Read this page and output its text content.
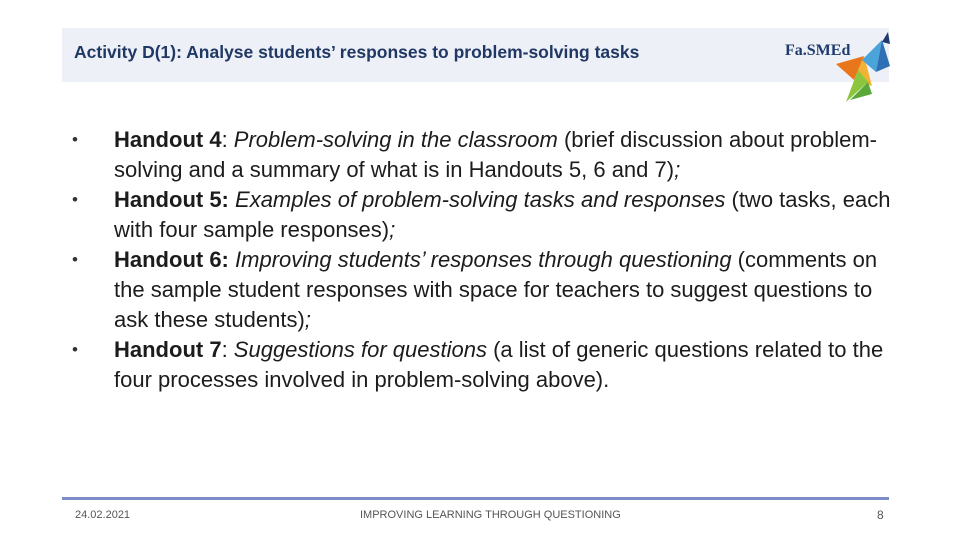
Activity D(1): Analyse students’ responses to problem-solving tasks	Fa.SMEd
• Handout 4: Problem-solving in the classroom (brief discussion about problem-solving and a summary of what is in Handouts 5, 6 and 7);
• Handout 5: Examples of problem-solving tasks and responses (two tasks, each with four sample responses);
• Handout 6: Improving students’ responses through questioning (comments on the sample student responses with space for teachers to suggest questions to ask these students);
• Handout 7: Suggestions for questions (a list of generic questions related to the four processes involved in problem-solving above).
24.02.2021	IMPROVING LEARNING THROUGH QUESTIONING	8
